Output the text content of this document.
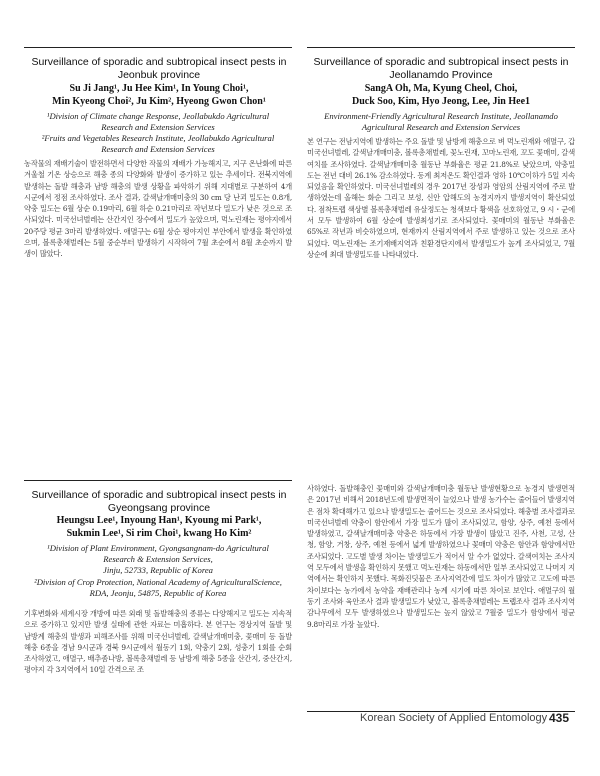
Surveillance of sporadic and subtropical insect pests in Jeonbuk province
Su Ji Jang¹, Ju Hee Kim¹, In Young Choi¹,
Min Kyeong Choi², Ju Kim², Hyeong Gwon Chon¹
¹Division of Climate change Response, Jeollabukdo Agricultural Research and Extension Services
²Fruits and Vegetables Research Institute, Jeollabukdo Agricultural Research and Extension Services
농작물의 재배기술이 발전하면서 다양한 작물의 재배가 가능해지고, 지구 온난화에 따른 겨울철 기온 상승으로 해충 종의 다양화와 발생이 증가하고 있는 추세이다. 전북지역에 발생하는 돌발 해충과 남방 해충의 발생 상황을 파악하기 위해 지대별로 구분하여 4개 시군에서 정점 조사하였다. 조사 결과, 갈색날개매미충의 30 cm 당 난괴 밀도는 0.8개, 약충 밀도는 6월 상순 0.19마리, 6월 하순 0.21마리로 작년보다 밀도가 낮은 것으로 조사되었다. 미국선녀벌레는 산간지인 장수에서 밀도가 높았으며, 먹노린재는 평야지에서 20주당 평균 3마리 발생하였다. 애멸구는 6월 상순 평야지인 부안에서 발생을 확인하였으며, 볼록총채벌레는 5월 중순부터 발생하기 시작하여 7월 초순에서 8월 초순까지 발생이 많았다.
Surveillance of sporadic and subtropical insect pests in Jeollanamdo Province
SangA Oh, Ma, Kyung Cheol, Choi,
Duck Soo, Kim, Hyo Jeong, Lee, Jin Hee1
Environment-Friendly Agricultural Research Institute, Jeollanamdo Agricultural Research and Extension Services
본 연구는 전남지역에 발생하는 주요 돌발 및 남방계 해충으로 벼 먹노린재와 애멸구, 갑 미국선녀벌레, 갈색날개매미충, 볼록총채벌레, 꽃노린재, 꼬마노린재, 꼬도 꽃매미, 갈색여치를 조사하였다. 갈색날개매미충 월동난 부화율은 평균 21.8%로 낮았으며, 약충밀도는 전년 대비 26.1% 감소하였다. 동계 최저온도 확인결과 영하 10℃이하가 5일 지속되었음을 확인하였다. 미국선녀벌레의 경우 2017년 장성과 영암의 산림지역에 주로 발생하였는데 올해는 화순 그리고 보성, 신안 압해도의 농경지까지 발생지역이 확산되었다. 점착트랩 색상별 볼록총채벌레 유살정도는 청색보다 황색을 선호하였고, 9 시・군에서 모두 발생하여 6월 상순에 발생최성기로 조사되었다. 꽃매미의 월동난 부화율은 65%로 작년과 비슷하였으며, 현재까지 산림지역에서 주로 발생하고 있는 것으로 조사되었다. 먹노린재는 조기재배지역과 친환경단지에서 발생밀도가 높게 조사되었고, 7월 상순에 최대 발생밀도를 나타내었다.
Surveillance of sporadic and subtropical insect pests in Gyeongsang province
Heungsu Lee¹, Inyoung Han¹, Kyoung mi Park¹,
Sukmin Lee¹, Si rim Choi¹, kwang Ho Kim²
¹Division of Plant Environment, Gyongsangnam-do Agricultural Research & Extension Services,
Jinju, 52733, Republic of Korea
²Division of Crop Protection, National Academy of AgriculturalScience, RDA, Jeonju, 54875, Republic of Korea
기후변화와 세계시장 개방에 따른 외래 및 돌발해충의 종류는 다양해지고 밀도는 지속적으로 증가하고 있지만 발생 실태에 관한 자료는 미흡하다. 본 연구는 경상지역 돌발 및 남방계 해충의 발생과 피해조사를 위해 미국선녀벌레, 갈색날개매미충, 꽃매미 등 돌발해충 6종을 경남 9시군과 경북 9시군에서 월동기 1회, 약충기 2회, 성충기 1회를 순회 조사하였고, 애멸구, 배추좀나방, 볼록총채벌레 등 남방계 해충 5종을 산간지, 중산간지, 평야지 각 3지역에서 10일 간격으로 조
사하였다. 돌발해충인 꽃매미와 갈색날개매미충 월동난 발생현황으로 농경지 발생면적은 2017년 비해서 2018년도에 발생면적이 늘었으나 발생 농가수는 줄어들어 발생지역은 점차 확대해가고 있으나 발생밀도는 줄어드는 것으로 조사되었다. 해충별 조사결과로 미국선녀벌레 약충이 함안에서 가장 밀도가 많이 조사되었고, 함양, 상주, 예천 등에서 발생하였고, 갈색날개매미충 약충은 하동에서 가장 발생이 많았고 진주, 사천, 고성, 산청, 함양, 거창, 상주, 예천 등에서 넓게 발생하였으나 꽃매미 약충은 함안과 함양에서만 조사되었다. 고도별 발생 차이는 발생밀도가 적어서 알 수가 없었다. 갈색여치는 조사지역 모두에서 발생을 확인하지 못했고 먹노린재는 하동에서만 일부 조사되었고 나머지 지역에서는 확인하지 못했다. 목화진딧물은 조사지역간에 밀도 차이가 많았고 고도에 따른 차이보다는 농가에서 농약을 재배관리나 농계 시기에 따른 차이로 보인다. 애멸구의 월동기 조사와 육안조사 결과 발생밀도가 낮았고, 볼록총채벌레는 트랩조사 결과 조사지역 감나무에서 모두 발생하였으나 발생밀도는 높지 않았고 7월중 밀도가 함양에서 평균 9.8마리로 가장 높았다.
Korean Society of Applied Entomology 435
